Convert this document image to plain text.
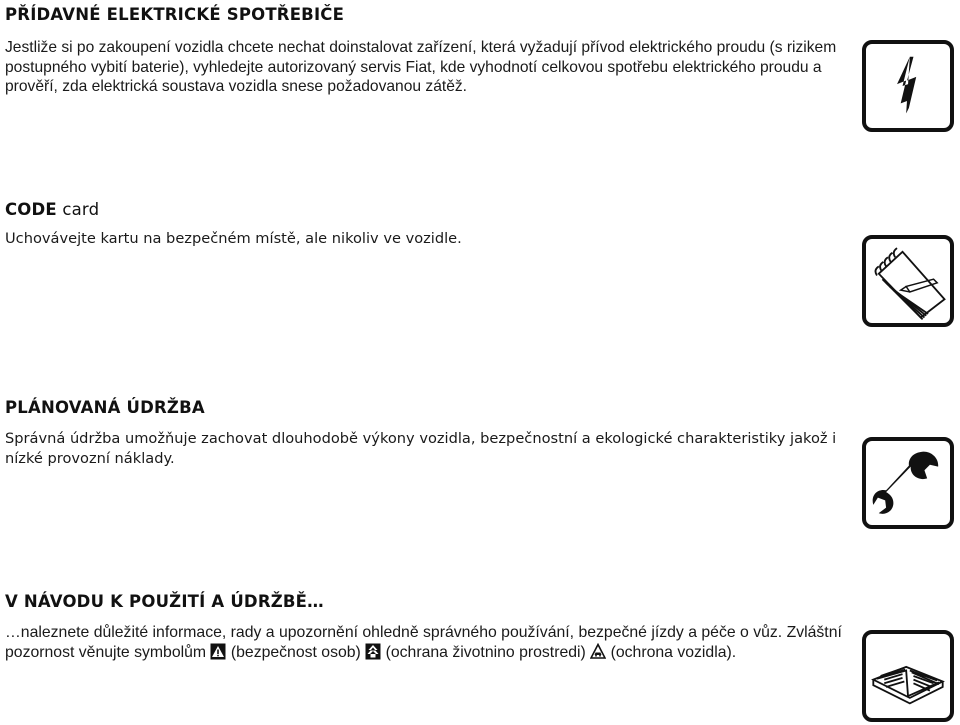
PŘÍDAVNÉ ELEKTRICKÉ SPOTŘEBIČE

Jestliže si po zakoupení vozidla chcete nechat doinstalovat zařízení, která vyžadují přívod elektrického proudu (s rizikem postupného vybití baterie), vyhledejte autorizovaný servis Fiat, kde vyhodnotí celkovou spotřebu elektrického proudu a prověří, zda elektrická soustava vozidla snese požadovanou zátěž.

CODE card

Uchovávejte kartu na bezpečném místě, ale nikoliv ve vozidle.

PLÁNOVANÁ ÚDRŽBA

Správná údržba umožňuje zachovat dlouhodobě výkony vozidla, bezpečnostní a ekologické charakteristiky jakož i nízké provozní náklady.

V NÁVODU K POUŽITÍ A ÚDRŽBĚ…

…naleznete důležité informace, rady a upozornění ohledně správného používání, bezpečné jízdy a péče o vůz. Zvláštní pozornost věnujte symbolům
(bezpečnost osob)
(ochrana životnino prostredi)
(ochrona vozidla).
